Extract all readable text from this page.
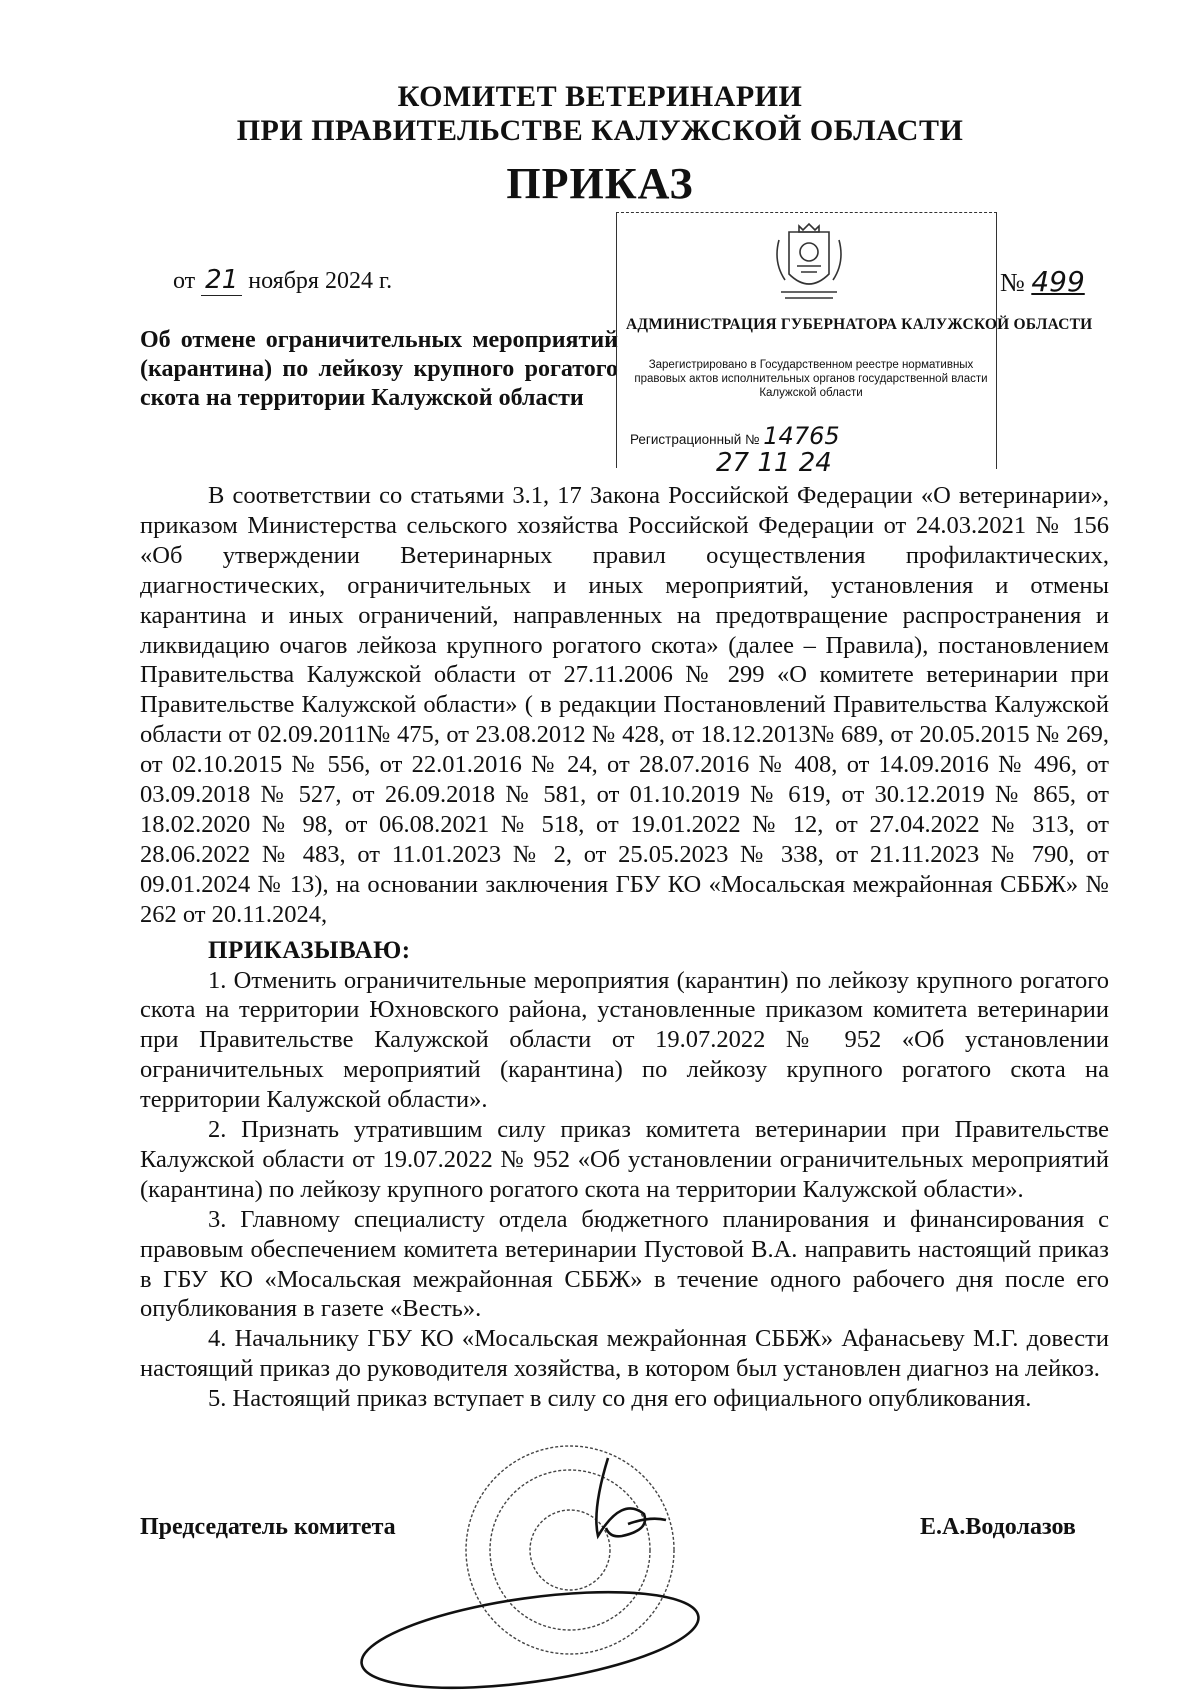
КОМИТЕТ ВЕТЕРИНАРИИ
ПРИ ПРАВИТЕЛЬСТВЕ КАЛУЖСКОЙ ОБЛАСТИ
ПРИКАЗ
от 21 ноября 2024 г.	№ 499
Об отмене ограничительных мероприятий (карантина) по лейкозу крупного рогатого скота на территории Калужской области
АДМИНИСТРАЦИЯ ГУБЕРНАТОРА КАЛУЖСКОЙ ОБЛАСТИ
Зарегистрировано в Государственном реестре нормативных правовых актов исполнительных органов государственной власти Калужской области
Регистрационный № 14765
27 11 24

В соответствии со статьями 3.1, 17 Закона Российской Федерации «О ветеринарии», приказом Министерства сельского хозяйства Российской Федерации от 24.03.2021 № 156 «Об утверждении Ветеринарных правил осуществления профилактических, диагностических, ограничительных и иных мероприятий, установления и отмены карантина и иных ограничений, направленных на предотвращение распространения и ликвидацию очагов лейкоза крупного рогатого скота» (далее – Правила), постановлением Правительства Калужской области от 27.11.2006 № 299 «О комитете ветеринарии при Правительстве Калужской области» ( в редакции Постановлений Правительства Калужской области от 02.09.2011№ 475, от 23.08.2012 № 428, от 18.12.2013№ 689, от 20.05.2015 № 269, от 02.10.2015 № 556, от 22.01.2016 № 24, от 28.07.2016 № 408, от 14.09.2016 № 496, от 03.09.2018 № 527, от 26.09.2018 № 581, от 01.10.2019 № 619, от 30.12.2019 № 865, от 18.02.2020 № 98, от 06.08.2021 № 518, от 19.01.2022 № 12, от 27.04.2022 № 313, от 28.06.2022 № 483, от 11.01.2023 № 2, от 25.05.2023 № 338, от 21.11.2023 № 790, от 09.01.2024 № 13), на основании заключения ГБУ КО «Мосальская межрайонная СББЖ» № 262 от 20.11.2024,

ПРИКАЗЫВАЮ:

1. Отменить ограничительные мероприятия (карантин) по лейкозу крупного рогатого скота на территории Юхновского района, установленные приказом комитета ветеринарии при Правительстве Калужской области от 19.07.2022 № 952 «Об установлении ограничительных мероприятий (карантина) по лейкозу крупного рогатого скота на территории Калужской области».

2. Признать утратившим силу приказ комитета ветеринарии при Правительстве Калужской области от 19.07.2022 № 952 «Об установлении ограничительных мероприятий (карантина) по лейкозу крупного рогатого скота на территории Калужской области».

3. Главному специалисту отдела бюджетного планирования и финансирования с правовым обеспечением комитета ветеринарии Пустовой В.А. направить настоящий приказ в ГБУ КО «Мосальская межрайонная СББЖ» в течение одного рабочего дня после его опубликования в газете «Весть».

4. Начальнику ГБУ КО «Мосальская межрайонная СББЖ» Афанасьеву М.Г. довести настоящий приказ до руководителя хозяйства, в котором был установлен диагноз на лейкоз.

5. Настоящий приказ вступает в силу со дня его официального опубликования.

Председатель комитета	Е.А.Водолазов
